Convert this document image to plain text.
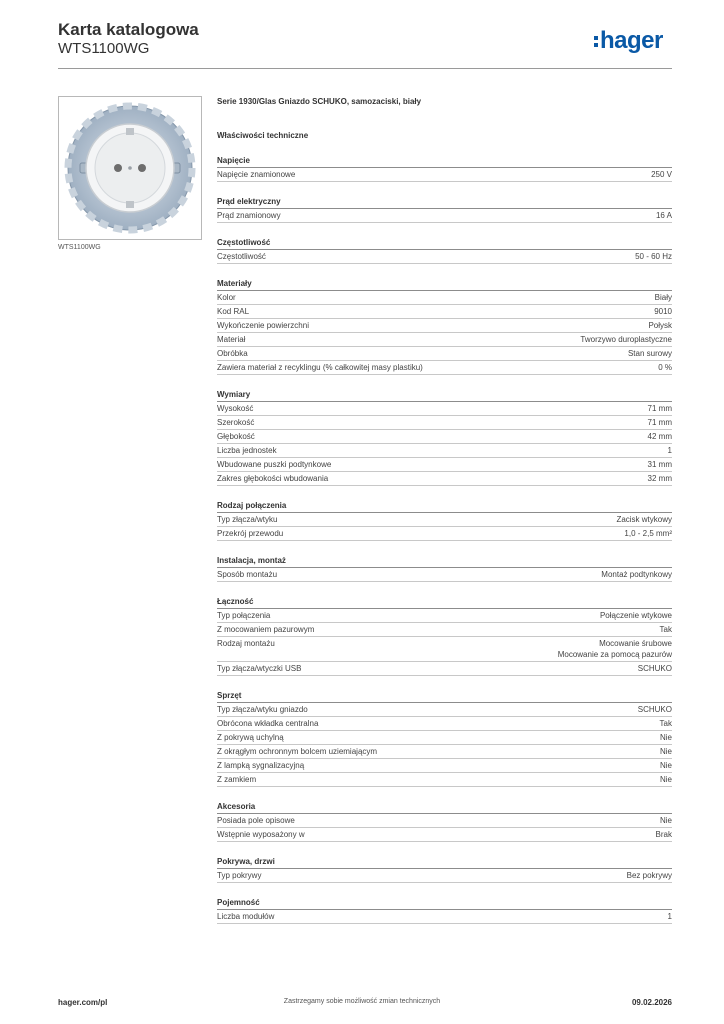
Karta katalogowa
WTS1100WG	hager
WTS1100WG
Serie 1930/Glas Gniazdo SCHUKO, samozaciski, biały
Właściwości techniczne
Napięcie
Napięcie znamionowe	250 V
Prąd elektryczny
Prąd znamionowy	16 A
Częstotliwość
Częstotliwość	50 - 60 Hz
Materiały
Kolor	Biały
Kod RAL	9010
Wykończenie powierzchni	Połysk
Materiał	Tworzywo duroplastyczne
Obróbka	Stan surowy
Zawiera materiał z recyklingu (% całkowitej masy plastiku)	0 %
Wymiary
Wysokość	71 mm
Szerokość	71 mm
Głębokość	42 mm
Liczba jednostek	1
Wbudowane puszki podtynkowe	31 mm
Zakres głębokości wbudowania	32 mm
Rodzaj połączenia
Typ złącza/wtyku	Zacisk wtykowy
Przekrój przewodu	1,0 - 2,5 mm²
Instalacja, montaż
Sposób montażu	Montaż podtynkowy
Łączność
Typ połączenia	Połączenie wtykowe
Z mocowaniem pazurowym	Tak
Rodzaj montażu	Mocowanie śrubowe
Mocowanie za pomocą pazurów
Typ złącza/wtyczki USB	SCHUKO
Sprzęt
Typ złącza/wtyku gniazdo	SCHUKO
Obrócona wkładka centralna	Tak
Z pokrywą uchylną	Nie
Z okrągłym ochronnym bolcem uziemiającym	Nie
Z lampką sygnalizacyjną	Nie
Z zamkiem	Nie
Akcesoria
Posiada pole opisowe	Nie
Wstępnie wyposażony w	Brak
Pokrywa, drzwi
Typ pokrywy	Bez pokrywy
Pojemność
Liczba modułów	1
hager.com/pl	Zastrzegamy sobie możliwość zmian technicznych	09.02.2026
